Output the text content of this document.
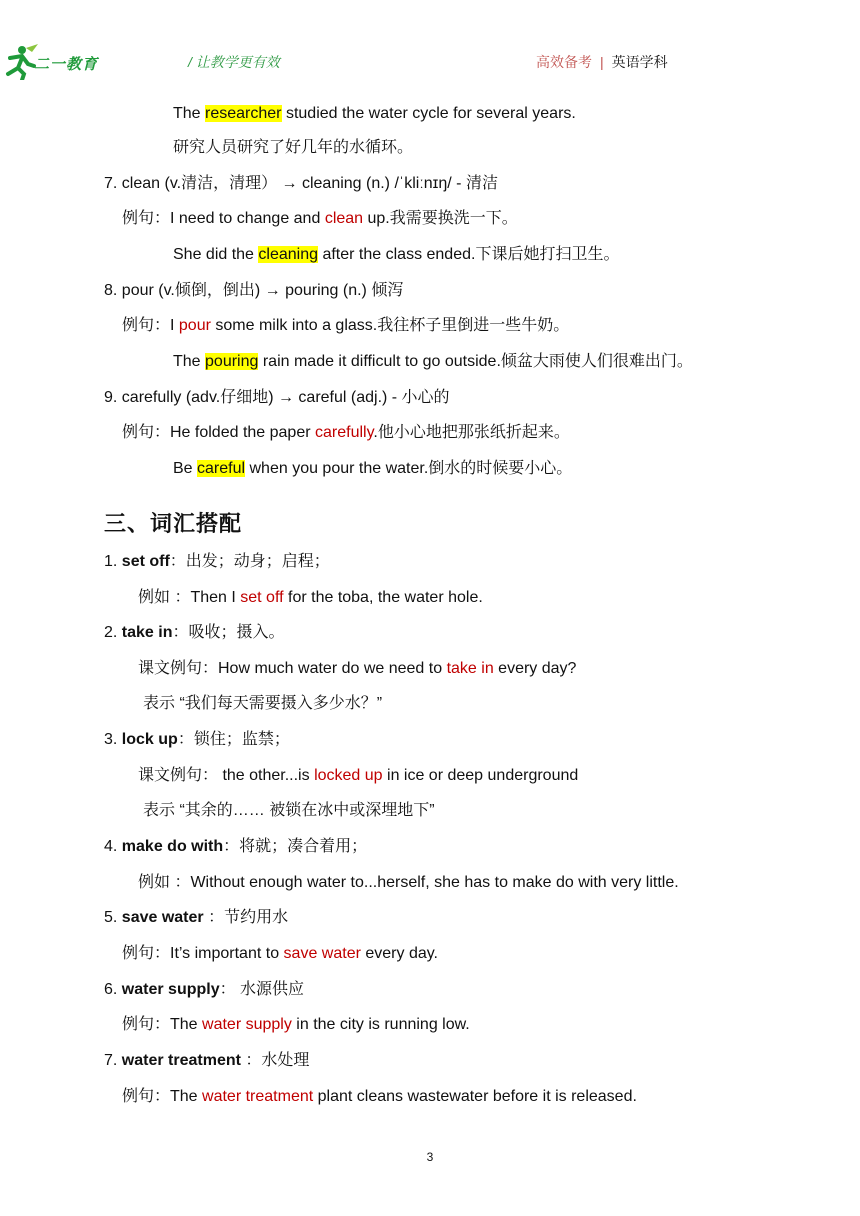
二一教育	/ 让教学更有效	高效备考 | 英语学科
The researcher studied the water cycle for several years.
研究人员研究了好几年的水循环。
7. clean (v.清洁，清理） → cleaning (n.) /ˈkliːnɪŋ/ - 清洁
例句：I need to change and clean up.我需要换洗一下。
She did the cleaning after the class ended.下课后她打扫卫生。
8. pour (v.倾倒，倒出) → pouring (n.) 倾泻
例句：I pour some milk into a glass.我往杯子里倒进一些牛奶。
The pouring rain made it difficult to go outside.倾盆大雨使人们很难出门。
9. carefully (adv.仔细地) → careful (adj.) - 小心的
例句：He folded the paper carefully.他小心地把那张纸折起来。
Be careful when you pour the water.倒水的时候要小心。
三、词汇搭配
1. set off：出发；动身；启程；
例如 ：Then I set off for the toba, the water hole.
2. take in：吸收；摄入。
课文例句：How much water do we need to take in every day?
表示 “我们每天需要摄入多少水？”
3. lock up：锁住；监禁；
课文例句： the other...is locked up in ice or deep underground
表示 “其余的…… 被锁在冰中或深埋地下”
4. make do with：将就；凑合着用；
例如 ：Without enough water to...herself, she has to make do with very little.
5. save water ：节约用水
例句：It’s important to save water every day.
6. water supply： 水源供应
例句：The water supply in the city is running low.
7. water treatment ：水处理
例句：The water treatment plant cleans wastewater before it is released.
3
